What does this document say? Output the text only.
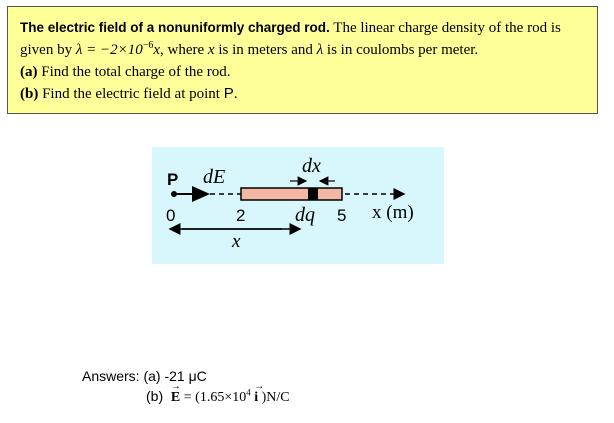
The electric field of a nonuniformly charged rod. The linear charge density of the rod is
given by $\lambda = -2\times 10^{-6}x$, where x is in meters and λ is in coulombs per meter.
(a) Find the total charge of the rod.
(b) Find the electric field at point P.
P dE	dx
dq
0	2	5 x (m)
x
Answers: (a) -21 μC
$(b) \to E = (1.65\times 10^4 \to i$ )N/C
